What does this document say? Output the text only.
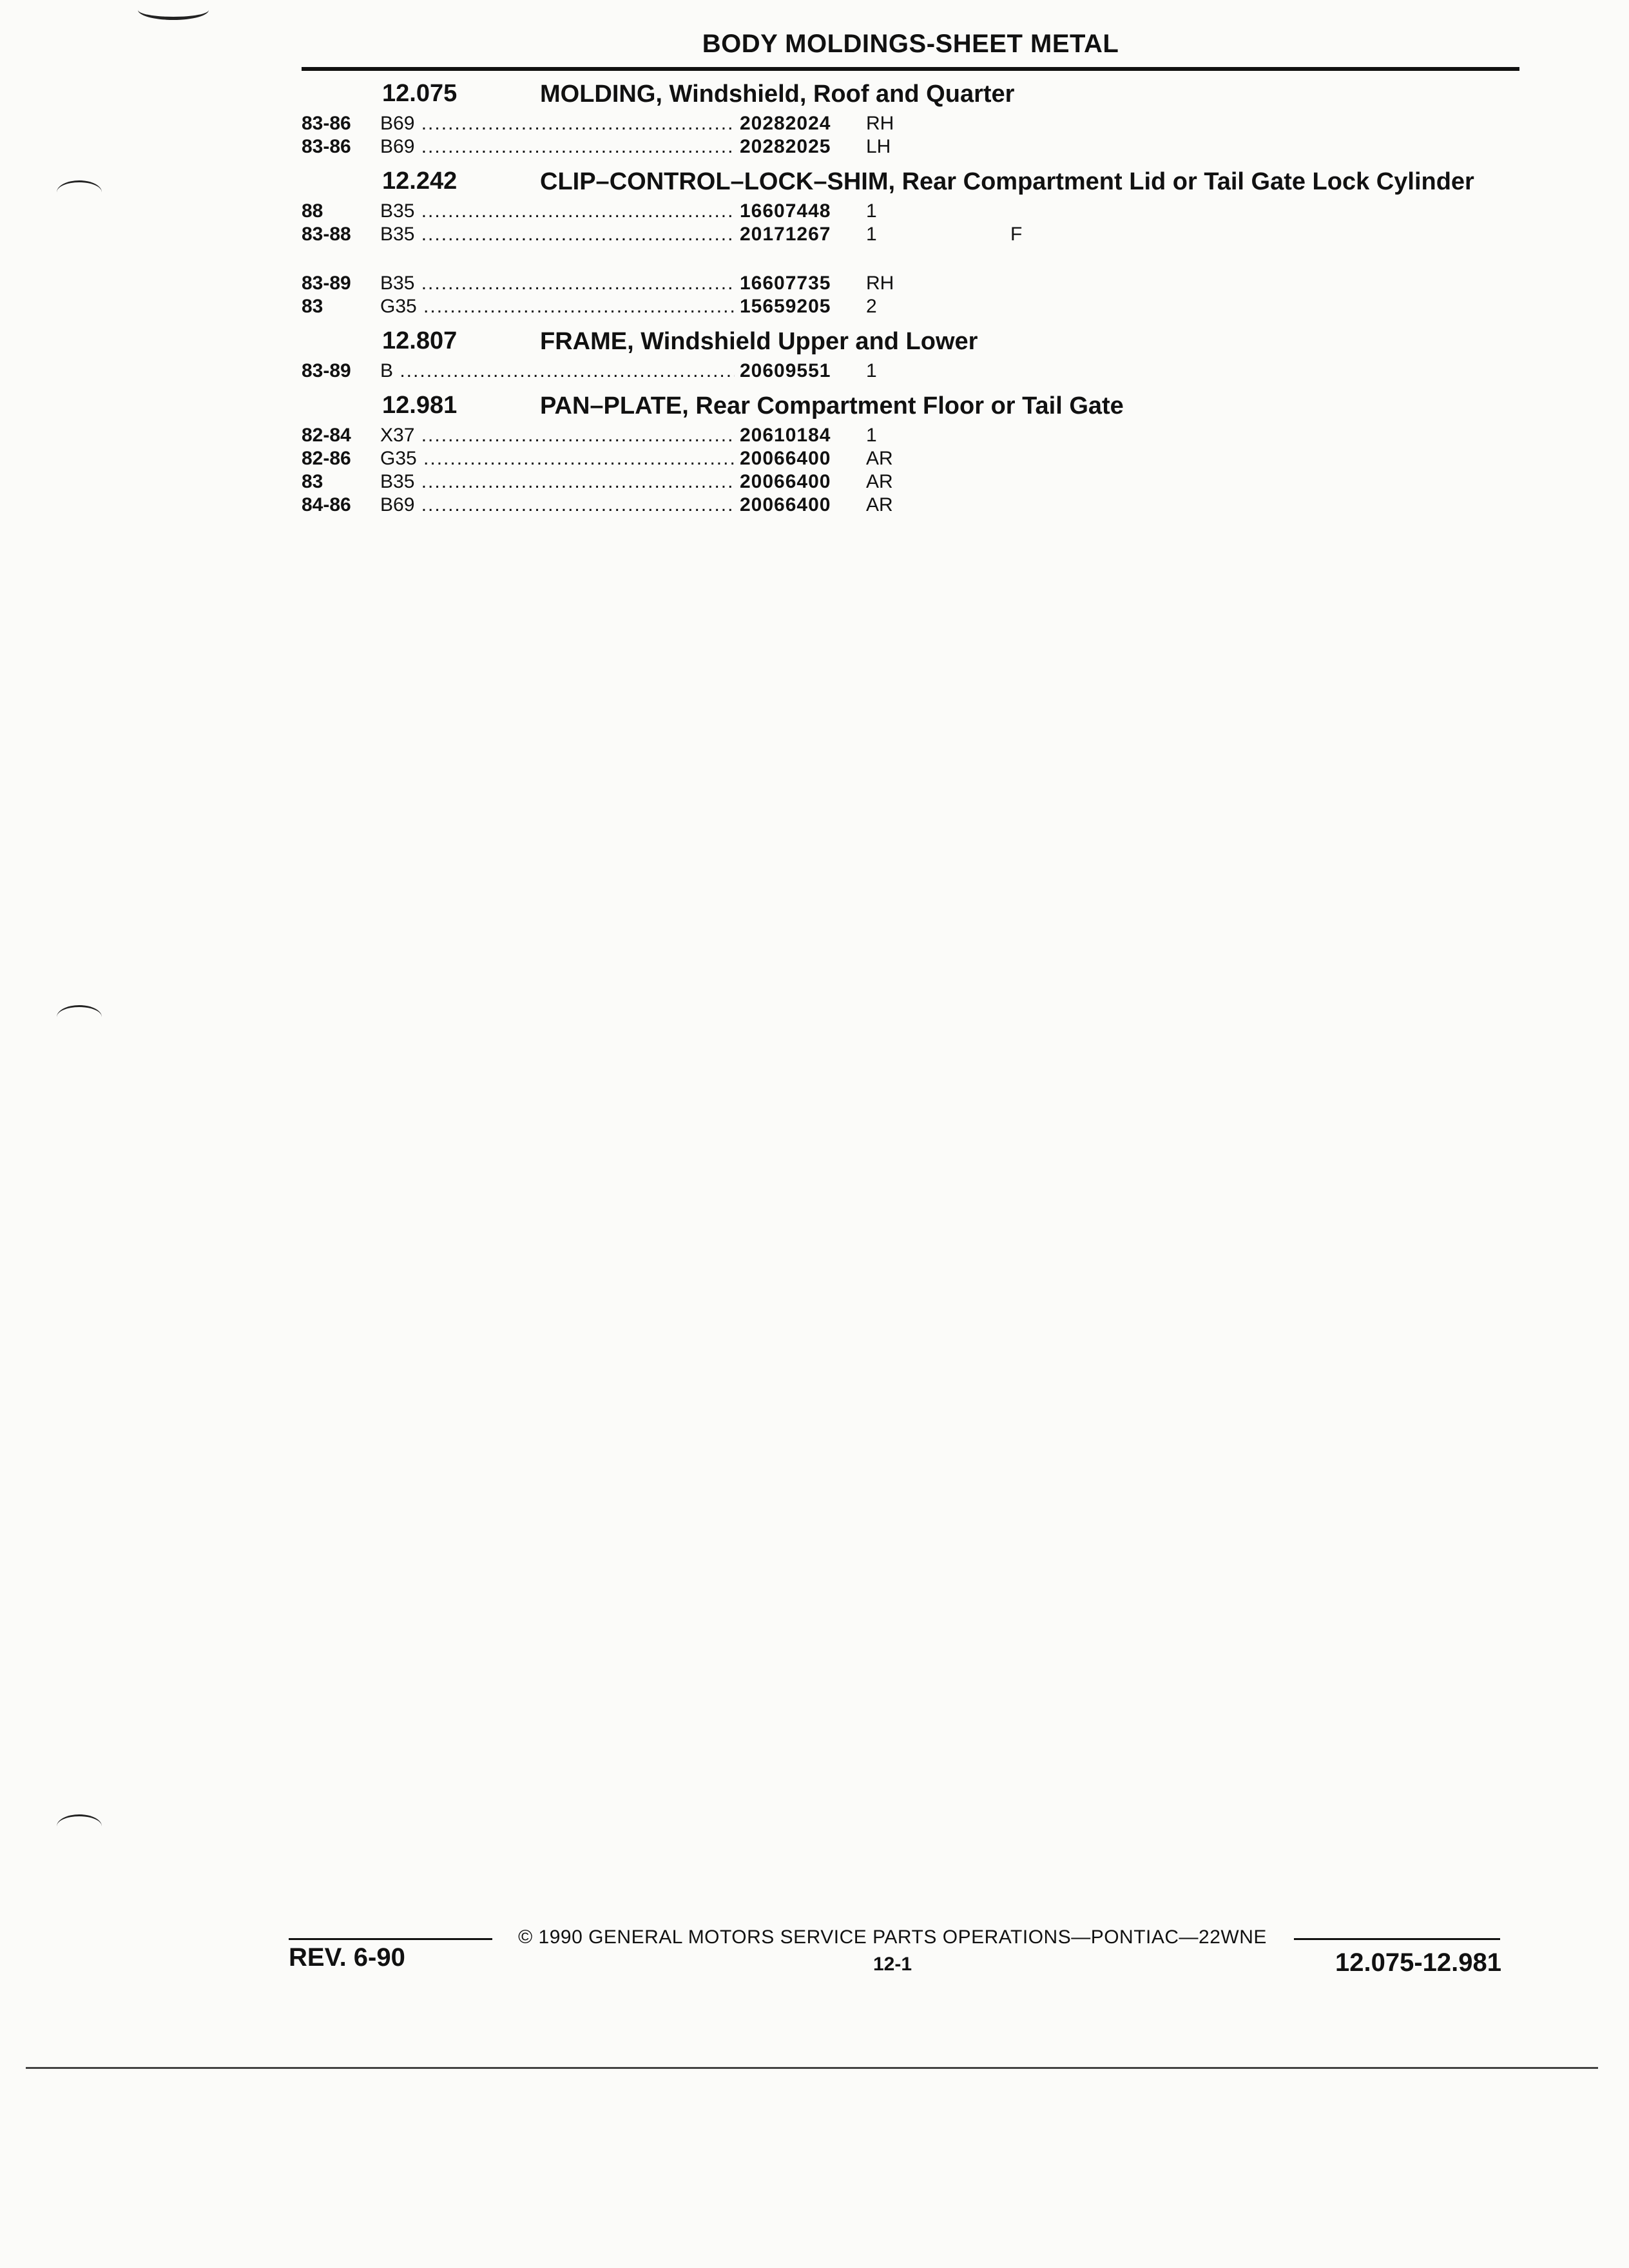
BODY MOLDINGS-SHEET METAL
12.075	MOLDING, Windshield, Roof and Quarter
83-86	B69 .....	20282024	RH
83-86	B69 .....	20282025	LH
12.242	CLIP–CONTROL–LOCK–SHIM, Rear Compartment Lid or Tail Gate Lock Cylinder
88	B35 .....	16607448	1
83-88	B35 .....	20171267	1	F
83-89	B35 .....	16607735	RH
83	G35 .....	15659205	2
12.807	FRAME, Windshield Upper and Lower
83-89	B .....	20609551	1
12.981	PAN–PLATE, Rear Compartment Floor or Tail Gate
82-84	X37 .....	20610184	1
82-86	G35 .....	20066400	AR
83	B35 .....	20066400	AR
84-86	B69 .....	20066400	AR
© 1990 GENERAL MOTORS SERVICE PARTS OPERATIONS—PONTIAC—22WNE
12-1
REV. 6-90	12.075-12.981
